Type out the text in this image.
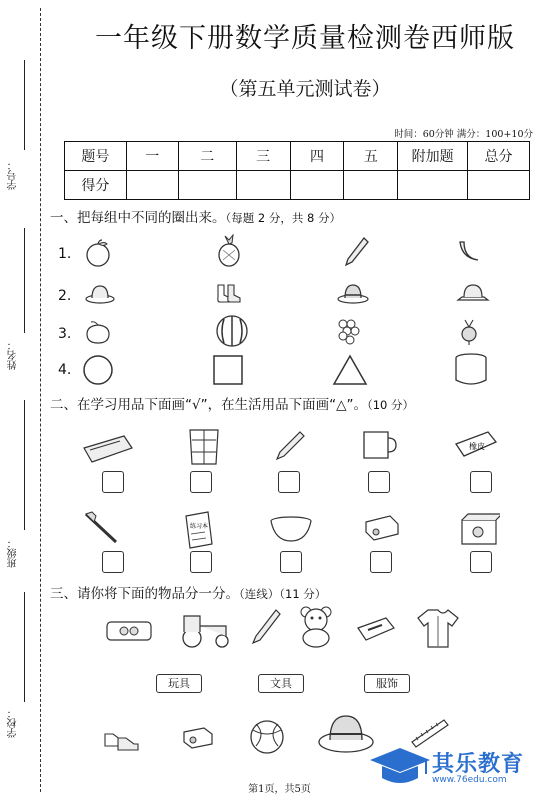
学号：
姓名：
班级：
学校：
一年级下册数学质量检测卷西师版
（第五单元测试卷）
时间：60分钟 满分：100+10分
题号	一	二	三	四	五	附加题	总分
得分							
一、把每组中不同的圈出来。（每题 2 分，共 8 分）
1.
2.
3.
4.
二、在学习用品下面画“√”，在生活用品下面画“△”。（10 分）
橡皮
练习本
三、请你将下面的物品分一分。（连线）（11 分）
玩具	文具	服饰
其乐教育
www.76edu.com
第1页，共5页
